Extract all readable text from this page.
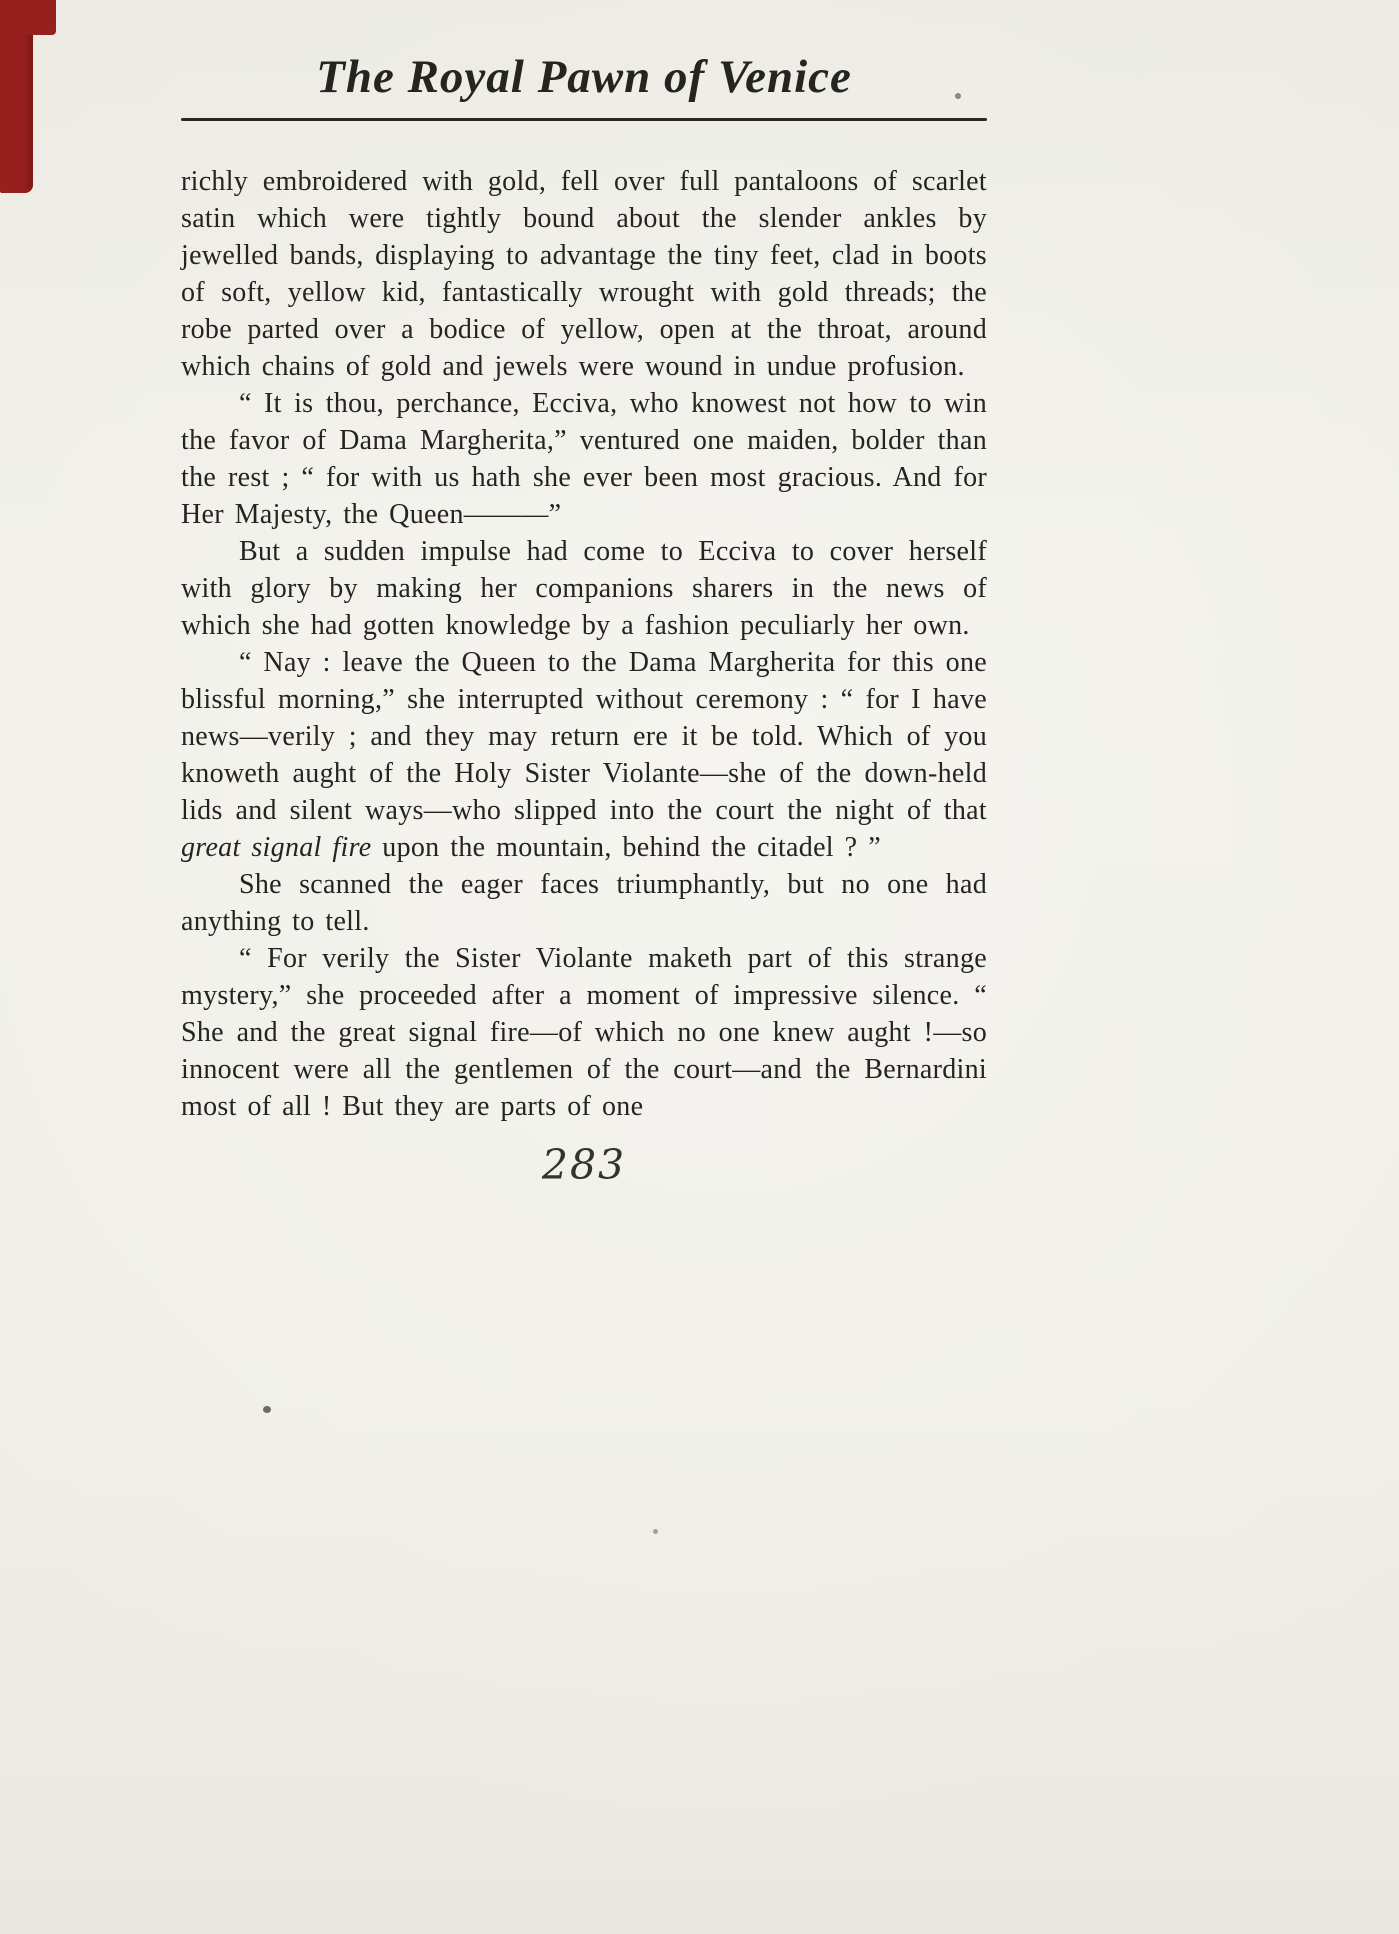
The Royal Pawn of Venice

richly embroidered with gold, fell over full pantaloons of scarlet satin which were tightly bound about the slender ankles by jewelled bands, displaying to advantage the tiny feet, clad in boots of soft, yellow kid, fantastically wrought with gold threads; the robe parted over a bodice of yellow, open at the throat, around which chains of gold and jewels were wound in undue profusion.

“ It is thou, perchance, Ecciva, who knowest not how to win the favor of Dama Margherita,” ventured one maiden, bolder than the rest ; “ for with us hath she ever been most gracious. And for Her Majesty, the Queen———”

But a sudden impulse had come to Ecciva to cover herself with glory by making her companions sharers in the news of which she had gotten knowledge by a fashion peculiarly her own.

“ Nay : leave the Queen to the Dama Margherita for this one blissful morning,” she interrupted without ceremony : “ for I have news—verily ; and they may return ere it be told. Which of you knoweth aught of the Holy Sister Violante—she of the down-held lids and silent ways—who slipped into the court the night of that great signal fire upon the mountain, behind the citadel ? ”

She scanned the eager faces triumphantly, but no one had anything to tell.

“ For verily the Sister Violante maketh part of this strange mystery,” she proceeded after a moment of impressive silence. “ She and the great signal fire—of which no one knew aught !—so innocent were all the gentlemen of the court—and the Bernardini most of all ! But they are parts of one

283
